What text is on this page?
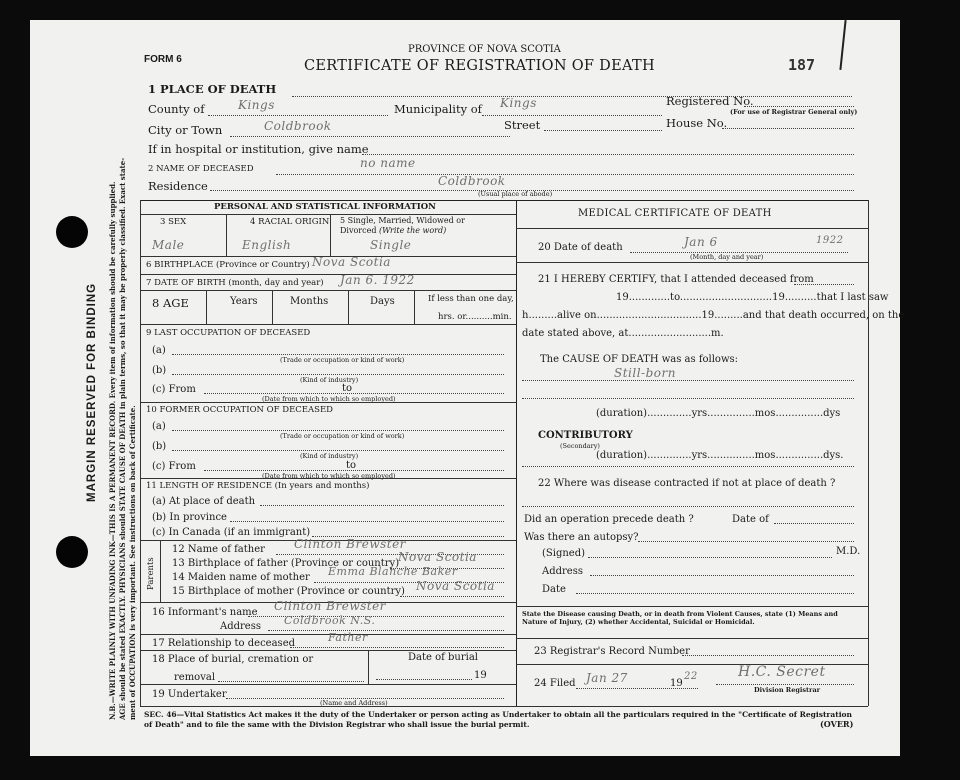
MARGIN RESERVED FOR BINDING N.B.—WRITE PLAINLY WITH UNFADING INK—THIS IS A PERMANENT RECORD. Every item of information should be carefully supplied. AGE should be stated EXACTLY. PHYSICIANS should STATE CAUSE OF DEATH in plain terms, so that it may be properly classified. Exact state- ment of OCCUPATION is very important. See instructions on back of Certificate.
FORM 6
PROVINCE OF NOVA SCOTIA
CERTIFICATE OF REGISTRATION OF DEATH	187
1 PLACE OF DEATH
County of	Kings	Municipality of Kings	Registered No.
(For use of Registrar General only)
City or Town	Coldbrook	Street	House No.
If in hospital or institution, give name
2 NAME OF DECEASED	no name
Residence	Coldbrook
(Usual place of abode)
PERSONAL AND STATISTICAL INFORMATION
3 SEX	4 RACIAL ORIGIN 5 Single, Married, Widowed or Divorced (Write the word)
Male	English	Single
6 BIRTHPLACE (Province or Country) Nova Scotia
7 DATE OF BIRTH (month, day and year) Jan 6. 1922
8 AGE	Years	Months	Days	If less than one day,
hrs. or..........min.
9 LAST OCCUPATION OF DECEASED
(a)
(Trade or occupation or kind of work)
(b)
(Kind of industry)
(c) From	to
(Date from which to which so employed)
10 FORMER OCCUPATION OF DECEASED
(a)
(Trade or occupation or kind of work)
(b)
(Kind of industry)
(c) From	to
(Date from which to which so employed)
11 LENGTH OF RESIDENCE (In years and months)
(a) At place of death
(b) In province
(c) In Canada (if an immigrant)
Parents
12 Name of father Clinton Brewster
13 Birthplace of father (Province or country)
Nova Scotia
14 Maiden name of mother Emma Blanche Baker
15 Birthplace of mother (Province or country) Nova Scotia
16 Informant's name Clinton Brewster
Address Coldbrook N.S.
17 Relationship to deceased	Father
18 Place of burial, cremation or
removal
Date of burial
19
19 Undertaker
(Name and Address)
MEDICAL CERTIFICATE OF DEATH
20 Date of death	Jan 6	1922
(Month, day and year)
21 I HEREBY CERTIFY, that I attended deceased from
19.............to.............................19..........that I last saw
h.........alive on.................................19.........and that death occurred, on the
date stated above, at..........................m.
The CAUSE OF DEATH was as follows:
Still-born
(duration)..............yrs...............mos...............dys
CONTRIBUTORY
(Secondary)
(duration)..............yrs...............mos...............dys.
22 Where was disease contracted if not at place of death ?
Did an operation precede death ?	Date of
Was there an autopsy?
(Signed)	M.D.
Address
Date
State the Disease causing Death, or in death from Violent Causes, state (1) Means and Nature of Injury, (2) whether Accidental, Suicidal or Homicidal.
23 Registrar's Record Number
24 Filed Jan 27	19
22	H.C. Secret
Division Registrar
SEC. 46—Vital Statistics Act makes it the duty of the Undertaker or person acting as Undertaker to obtain all the particulars required in the "Certificate of Registration of Death" and to file the same with the Division Registrar who shall issue the burial permit.	(OVER)
